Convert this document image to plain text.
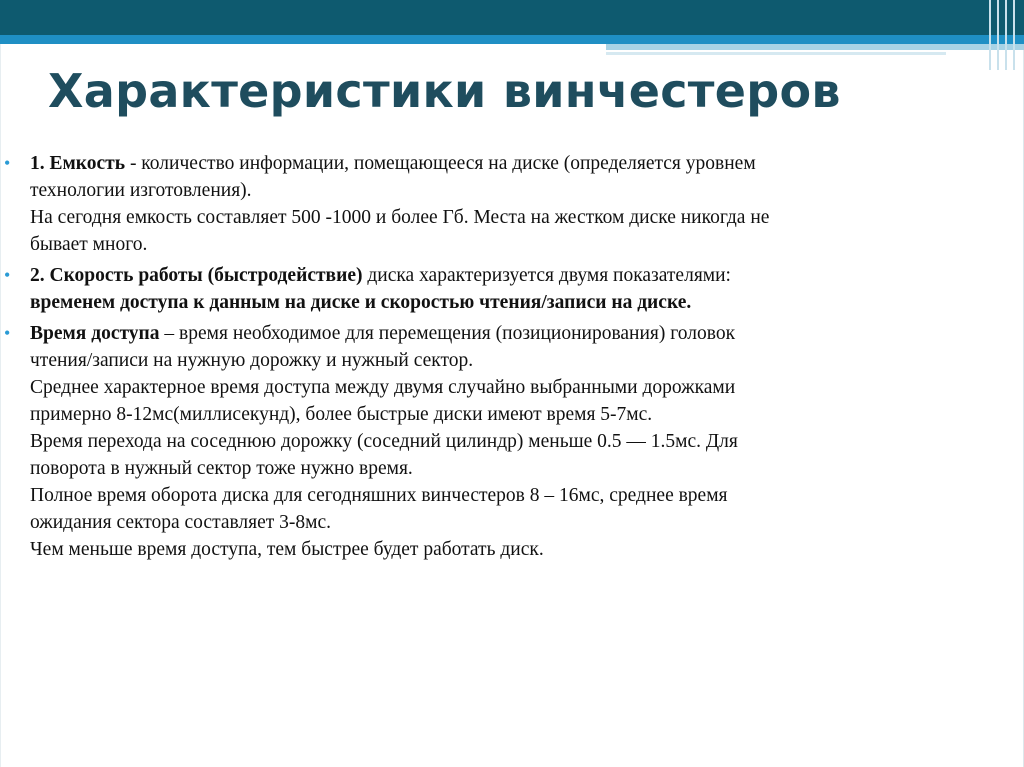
Характеристики винчестеров
• 1. Емкость - количество информации, помещающееся на диске (определяется уровнем
технологии изготовления).
На сегодня емкость составляет 500 -1000 и более Гб. Места на жестком диске никогда не
бывает много.
• 2. Скорость работы (быстродействие) диска характеризуется двумя показателями:
временем доступа к данным на диске и скоростью чтения/записи на диске.
• Время доступа – время необходимое для перемещения (позиционирования) головок
чтения/записи на нужную дорожку и нужный сектор.
Среднее характерное время доступа между двумя случайно выбранными дорожками
примерно 8-12мс(миллисекунд), более быстрые диски имеют время 5-7мс.
Время перехода на соседнюю дорожку (соседний цилиндр) меньше 0.5 — 1.5мс. Для
поворота в нужный сектор тоже нужно время.
Полное время оборота диска для сегодняшних винчестеров 8 – 16мс, среднее время
ожидания сектора составляет 3-8мс.
Чем меньше время доступа, тем быстрее будет работать диск.
